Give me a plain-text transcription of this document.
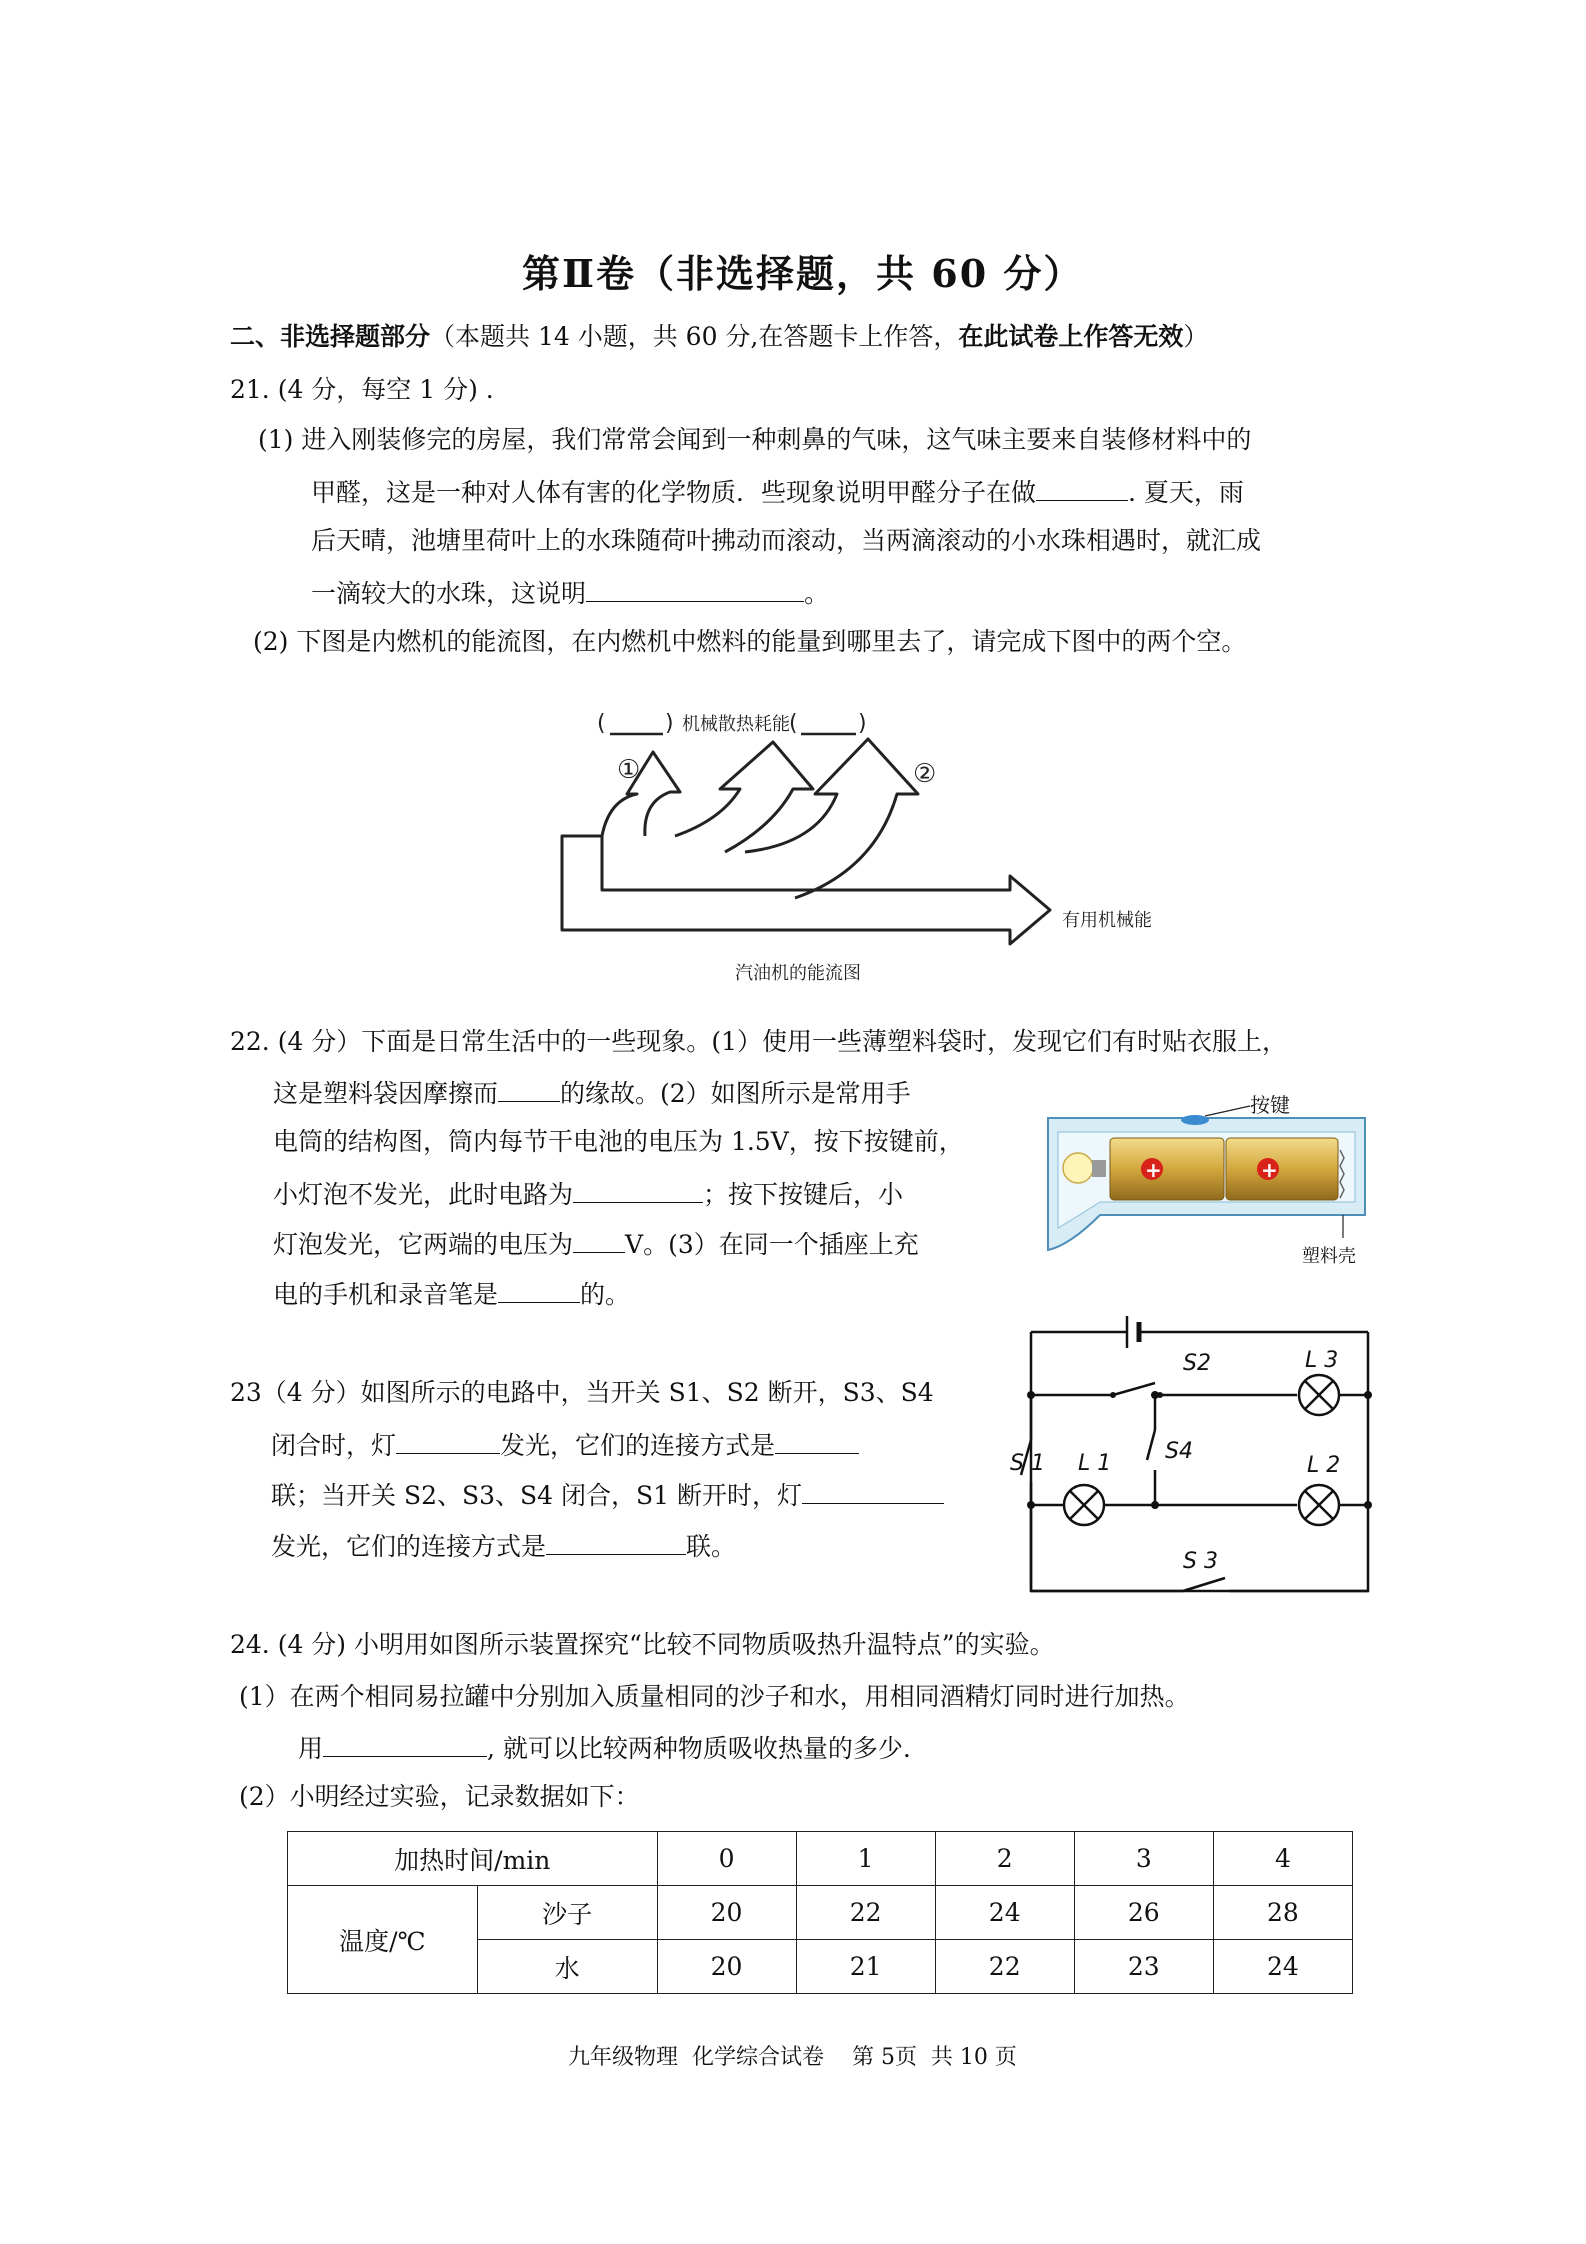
第Ⅱ卷（非选择题，共 60 分）
二、非选择题部分（本题共 14 小题，共 60 分,在答题卡上作答，在此试卷上作答无效）
21. (4 分，每空 1 分) .
(1) 进入刚装修完的房屋，我们常常会闻到一种刺鼻的气味，这气味主要来自装修材料中的
甲醛，这是一种对人体有害的化学物质．些现象说明甲醛分子在做	. 夏天，雨
后天晴，池塘里荷叶上的水珠随荷叶拂动而滚动，当两滴滚动的小水珠相遇时，就汇成
一滴较大的水珠，这说明	。
(2) 下图是内燃机的能流图，在内燃机中燃料的能量到哪里去了，请完成下图中的两个空。
(	) 机械散热耗能 (	)
①	②
有用机械能
汽油机的能流图
22. (4 分）下面是日常生活中的一些现象。(1）使用一些薄塑料袋时，发现它们有时贴衣服上，
这是塑料袋因摩擦而 的缘故。(2）如图所示是常用手
电筒的结构图，筒内每节干电池的电压为 1.5V，按下按键前，
小灯泡不发光，此时电路为	；按下按键后，小
灯泡发光，它两端的电压为 V。(3）在同一个插座上充
电的手机和录音笔是	的。
+	+
按键
塑料壳
S2	L 3
S 1 L 1 S4
L 2
S 3
23（4 分）如图所示的电路中，当开关 S1、S2 断开，S3、S4
闭合时，灯	发光，它们的连接方式是
联；当开关 S2、S3、S4 闭合，S1 断开时，灯
发光，它们的连接方式是	联。
24. (4 分) 小明用如图所示装置探究“比较不同物质吸热升温特点”的实验。
(1）在两个相同易拉罐中分别加入质量相同的沙子和水，用相同酒精灯同时进行加热。
用	, 就可以比较两种物质吸收热量的多少.
(2）小明经过实验，记录数据如下：
加热时间/min		0	1	2	3	4
温度/℃	沙子	20	22	24	26	28
	水	20	21	22	23	24
九年级物理  化学综合试卷    第 5页  共 10 页
